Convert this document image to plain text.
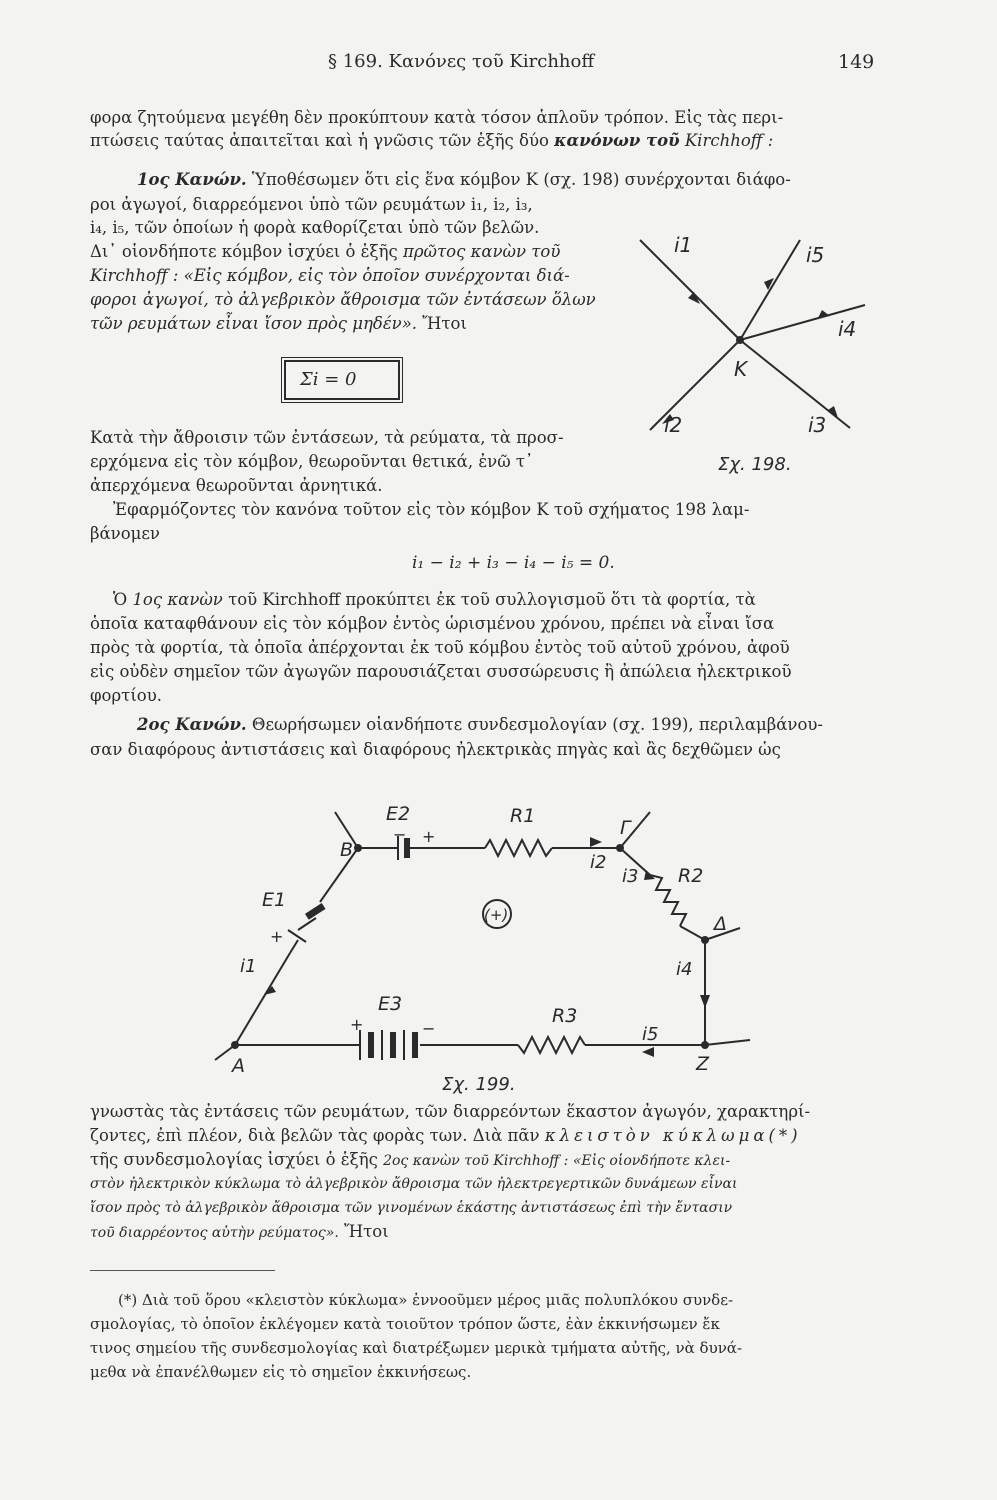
§ 169. Κανόνες τοῦ Kirchhoff	149
φορα ζητούμενα μεγέθη δὲν προκύπτουν κατὰ τόσον ἁπλοῦν τρόπον. Εἰς τὰς περι-
πτώσεις ταύτας ἀπαιτεῖται καὶ ἡ γνῶσις τῶν ἑξῆς δύο κανόνων τοῦ Kirchhoff :
1ος Κανών. Ὑποθέσωμεν ὅτι εἰς ἕνα κόμβον Κ (σχ. 198) συνέρχονται διάφο-
ροι ἀγωγοί, διαρρεόμενοι ὑπὸ τῶν ρευμάτων i₁, i₂, i₃,
i₄, i₅, τῶν ὁποίων ἡ φορὰ καθορίζεται ὑπὸ τῶν βελῶν.
Δι᾿ οἱονδήποτε κόμβον ἰσχύει ὁ ἑξῆς πρῶτος κανὼν τοῦ
Kirchhoff : «Εἰς κόμβον, εἰς τὸν ὁποῖον συνέρχονται διά-
φοροι ἀγωγοί, τὸ ἀλγεβρικὸν ἄθροισμα τῶν ἐντάσεων ὅλων
τῶν ρευμάτων εἶναι ἴσον πρὸς μηδέν». Ἤτοι
Σi = 0
Κατὰ τὴν ἄθροισιν τῶν ἐντάσεων, τὰ ρεύματα, τὰ προσ-
ερχόμενα εἰς τὸν κόμβον, θεωροῦνται θετικά, ἐνῶ τ᾿
ἀπερχόμενα θεωροῦνται ἀρνητικά.
Ἐφαρμόζοντες τὸν κανόνα τοῦτον εἰς τὸν κόμβον Κ τοῦ σχήματος 198 λαμ-
βάνομεν
i₁ − i₂ + i₃ − i₄ − i₅ = 0.
Ὁ 1ος κανὼν τοῦ Kirchhoff προκύπτει ἐκ τοῦ συλλογισμοῦ ὅτι τὰ φορτία, τὰ
ὁποῖα καταφθάνουν εἰς τὸν κόμβον ἐντὸς ὡρισμένου χρόνου, πρέπει νὰ εἶναι ἴσα
πρὸς τὰ φορτία, τὰ ὁποῖα ἀπέρχονται ἐκ τοῦ κόμβου ἐντὸς τοῦ αὐτοῦ χρόνου, ἀφοῦ
εἰς οὐδὲν σημεῖον τῶν ἀγωγῶν παρουσιάζεται συσσώρευσις ἢ ἀπώλεια ἠλεκτρικοῦ
φορτίου.
i1	i5
i4
K
i2	i3
Σχ. 198.
2ος Κανών. Θεωρήσωμεν οἱανδήποτε συνδεσμολογίαν (σχ. 199), περιλαμβάνου-
σαν διαφόρους ἀντιστάσεις καὶ διαφόρους ἠλεκτρικὰς πηγὰς καὶ ἂς δεχθῶμεν ὡς
E2	R1
B
Γ
− +
i2
i3 R2
E1
+
(+)	Δ
i4
i1
E3
+	−
R3
i5
A	Z
Σχ. 199.
γνωστὰς τὰς ἐντάσεις τῶν ρευμάτων, τῶν διαρρεόντων ἕκαστον ἀγωγόν, χαρακτηρί-
ζοντες, ἐπὶ πλέον, διὰ βελῶν τὰς φορὰς των. Διὰ πᾶν κλειστὸν κύκλωμα(*)
τῆς συνδεσμολογίας ἰσχύει ὁ ἑξῆς 2ος κανὼν τοῦ Kirchhoff : «Εἰς οἱονδήποτε κλει-
στὸν ἠλεκτρικὸν κύκλωμα τὸ ἀλγεβρικὸν ἄθροισμα τῶν ἠλεκτρεγερτικῶν δυνάμεων εἶναι
ἴσον πρὸς τὸ ἀλγεβρικὸν ἄθροισμα τῶν γινομένων ἑκάστης ἀντιστάσεως ἐπὶ τὴν ἔντασιν
τοῦ διαρρέοντος αὐτὴν ρεύματος». Ἤτοι
(*) Διὰ τοῦ ὅρου «κλειστὸν κύκλωμα» ἐννοοῦμεν μέρος μιᾶς πολυπλόκου συνδε-
σμολογίας, τὸ ὁποῖον ἐκλέγομεν κατὰ τοιοῦτον τρόπον ὥστε, ἐὰν ἐκκινήσωμεν ἔκ
τινος σημείου τῆς συνδεσμολογίας καὶ διατρέξωμεν μερικὰ τμήματα αὐτῆς, νὰ δυνά-
μεθα νὰ ἐπανέλθωμεν εἰς τὸ σημεῖον ἐκκινήσεως.
